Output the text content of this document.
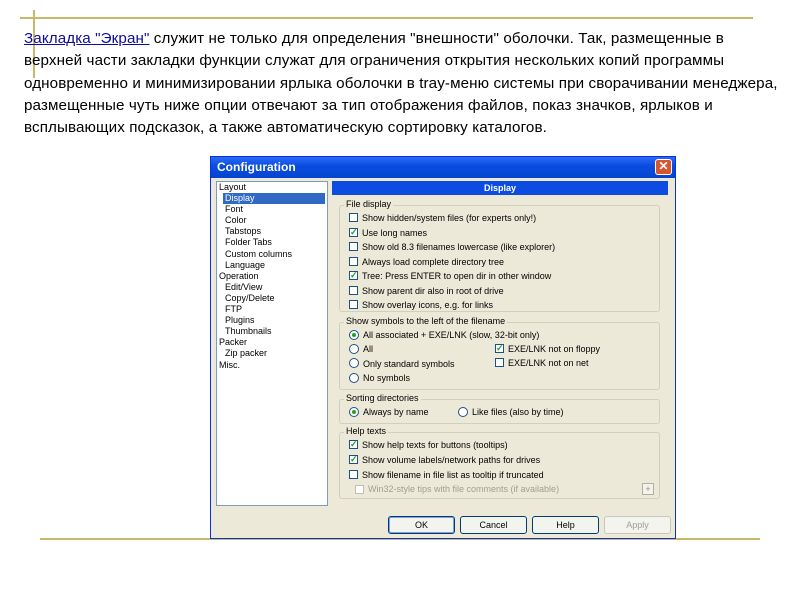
Закладка "Экран" служит не только для определения "внешности" оболочки. Так, размещенные в верхней части закладки функции служат для ограничения открытия нескольких копий программы одновременно и минимизировании ярлыка оболочки в tray-меню системы при сворачивании менеджера, размещенные чуть ниже опции отвечают за тип отображения файлов, показ значков, ярлыков и всплывающих подсказок, а также автоматическую сортировку каталогов.
Configuration	✕
Layout
Display
Font
Color
Tabstops
Folder Tabs
Custom columns
Language
Operation
Edit/View
Copy/Delete
FTP
Plugins
Thumbnails
Packer
Zip packer
Misc.
Display
File display
Show hidden/system files (for experts only!)
✓ Use long names
Show old 8.3 filenames lowercase (like explorer)
Always load complete directory tree
✓ Tree: Press ENTER to open dir in other window
Show parent dir also in root of drive
Show overlay icons, e.g. for links
Show symbols to the left of the filename
All associated + EXE/LNK (slow, 32-bit only)
All
Only standard symbols
No symbols
✓ EXE/LNK not on floppy
EXE/LNK not on net
Sorting directories
Always by name	Like files (also by time)
Help texts
✓ Show help texts for buttons (tooltips)
✓ Show volume labels/network paths for drives
Show filename in file list as tooltip if truncated
Win32-style tips with file comments (if available)	+
OK	Cancel	Help	Apply
